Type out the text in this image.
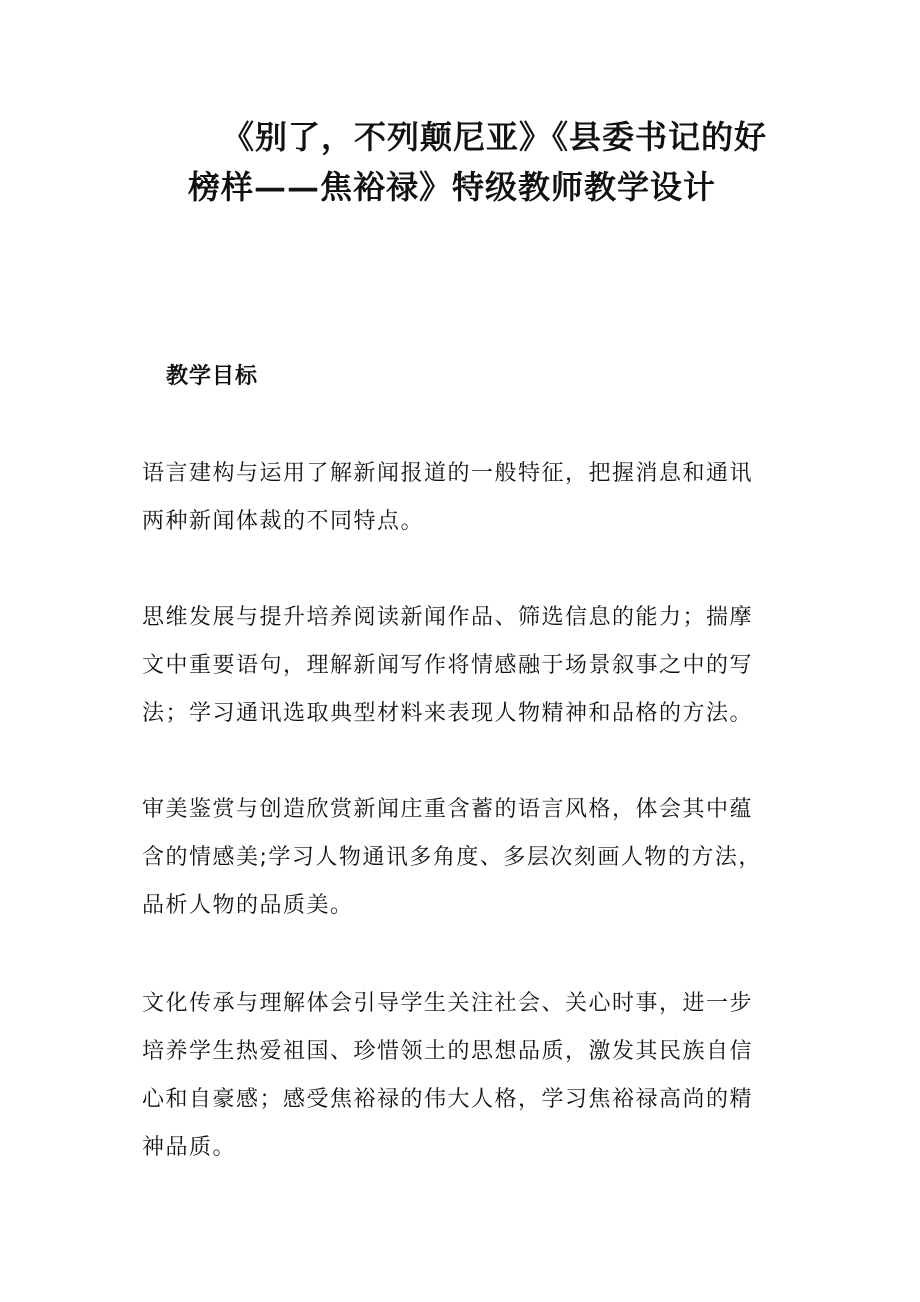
《别了，不列颠尼亚》《县委书记的好
榜样——焦裕禄》特级教师教学设计
教学目标

语言建构与运用了解新闻报道的一般特征，把握消息和通讯
两种新闻体裁的不同特点。

思维发展与提升培养阅读新闻作品、筛选信息的能力；揣摩
文中重要语句，理解新闻写作将情感融于场景叙事之中的写
法；学习通讯选取典型材料来表现人物精神和品格的方法。

审美鉴赏与创造欣赏新闻庄重含蓄的语言风格，体会其中蕴
含的情感美;学习人物通讯多角度、多层次刻画人物的方法，
品析人物的品质美。

文化传承与理解体会引导学生关注社会、关心时事，进一步
培养学生热爱祖国、珍惜领土的思想品质，激发其民族自信
心和自豪感；感受焦裕禄的伟大人格，学习焦裕禄高尚的精
神品质。
